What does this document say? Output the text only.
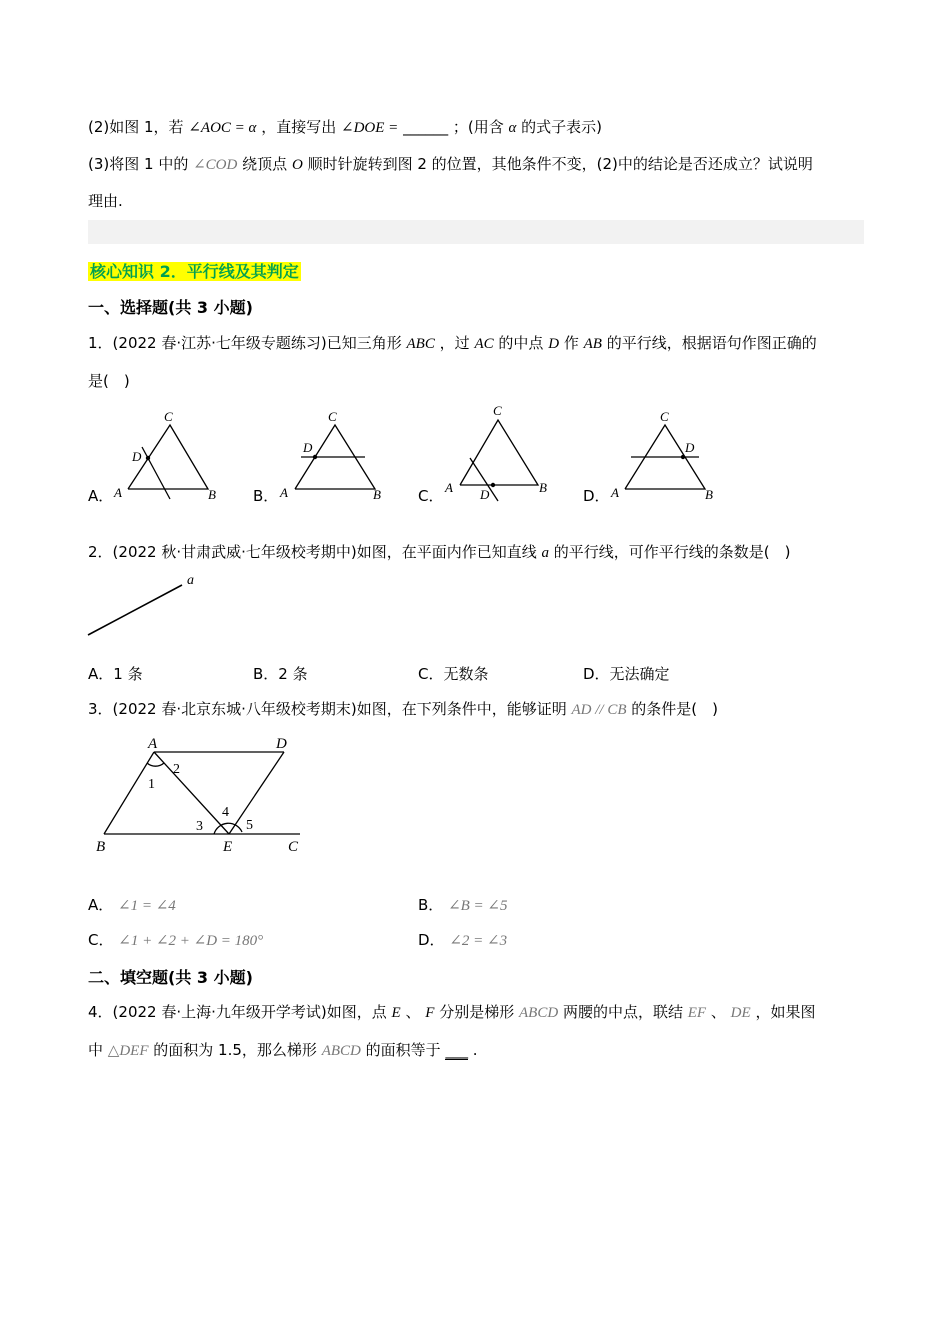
(2)如图 1，若 ∠AOC = α ，直接写出 ∠DOE = ______ ；(用含 α 的式子表示)
(3)将图 1 中的 ∠COD 绕顶点 O 顺时针旋转到图 2 的位置，其他条件不变，(2)中的结论是否还成立？试说明
理由.
核心知识 2．平行线及其判定
一、选择题(共 3 小题)
1．(2022 春·江苏·七年级专题练习)已知三角形 ABC ，过 AC 的中点 D 作 AB 的平行线，根据语句作图正确的
是(　)
A．	B．	C．	D．
C
D
A	B
C
D
A	B
C
A D	B
C
D
A	B
2．(2022 秋·甘肃武威·七年级校考期中)如图，在平面内作已知直线 a 的平行线，可作平行线的条数是(　)
a
A．1 条	B．2 条	C．无数条	D．无法确定
3．(2022 春·北京东城·八年级校考期末)如图，在下列条件中，能够证明 AD // CB 的条件是(　)
A	D
B	E	C
1
2
3
4
5
A． ∠1 = ∠4	B． ∠B = ∠5
C． ∠1 + ∠2 + ∠D = 180°	D． ∠2 = ∠3
二、填空题(共 3 小题)
4．(2022 春·上海·九年级开学考试)如图，点 E 、 F 分别是梯形 ABCD 两腰的中点，联结 EF 、 DE ，如果图
中 △DEF 的面积为 1.5，那么梯形 ABCD 的面积等于 ___ .
